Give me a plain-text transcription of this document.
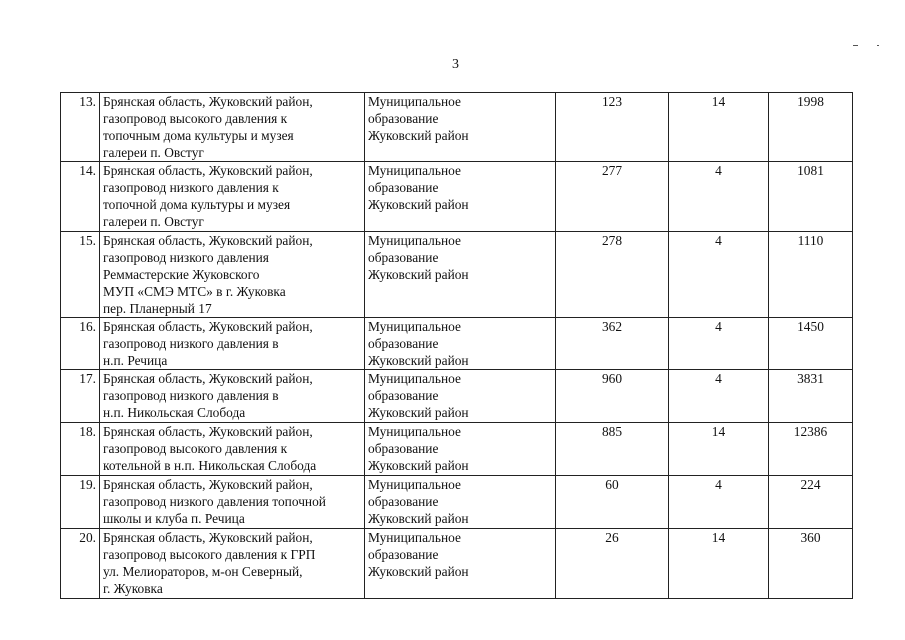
3
13.	Брянская область, Жуковский район,
газопровод высокого давления к
топочным дома культуры и музея
галереи п. Овстуг	Муниципальное
образование
Жуковский район	123	14	1998
14.	Брянская область, Жуковский район,
газопровод низкого давления к
топочной дома культуры и музея
галереи п. Овстуг	Муниципальное
образование
Жуковский район	277	4	1081
15.	Брянская область, Жуковский район,
газопровод низкого давления
Реммастерские Жуковского
МУП «СМЭ МТС» в г. Жуковка
пер. Планерный 17	Муниципальное
образование
Жуковский район	278	4	1110
16.	Брянская область, Жуковский район,
газопровод низкого давления в
н.п. Речица	Муниципальное
образование
Жуковский район	362	4	1450
17.	Брянская область, Жуковский район,
газопровод низкого давления в
н.п. Никольская Слобода	Муниципальное
образование
Жуковский район	960	4	3831
18.	Брянская область, Жуковский район,
газопровод высокого давления к
котельной в н.п. Никольская Слобода	Муниципальное
образование
Жуковский район	885	14	12386
19.	Брянская область, Жуковский район,
газопровод низкого давления топочной
школы и клуба п. Речица	Муниципальное
образование
Жуковский район	60	4	224
20.	Брянская область, Жуковский район,
газопровод высокого давления к ГРП
ул. Мелиораторов, м-он Северный,
г. Жуковка	Муниципальное
образование
Жуковский район	26	14	360
